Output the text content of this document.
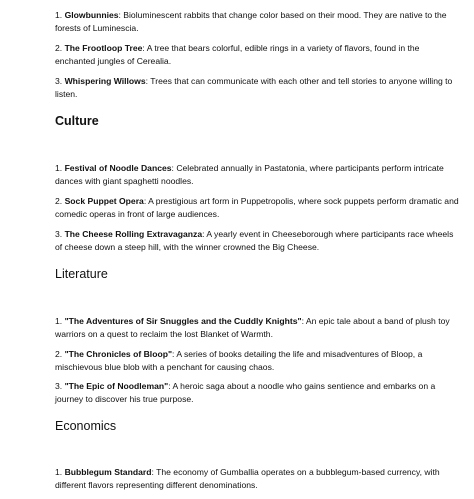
1. Glowbunnies: Bioluminescent rabbits that change color based on their mood. They are native to the forests of Luminescia.

2. The Frootloop Tree: A tree that bears colorful, edible rings in a variety of flavors, found in the enchanted jungles of Cerealia.

3. Whispering Willows: Trees that can communicate with each other and tell stories to anyone willing to listen.

Culture

1. Festival of Noodle Dances: Celebrated annually in Pastatonia, where participants perform intricate dances with giant spaghetti noodles.

2. Sock Puppet Opera: A prestigious art form in Puppetropolis, where sock puppets perform dramatic and comedic operas in front of large audiences.

3. The Cheese Rolling Extravaganza: A yearly event in Cheeseborough where participants race wheels of cheese down a steep hill, with the winner crowned the Big Cheese.

Literature

1. "The Adventures of Sir Snuggles and the Cuddly Knights": An epic tale about a band of plush toy warriors on a quest to reclaim the lost Blanket of Warmth.

2. "The Chronicles of Bloop": A series of books detailing the life and misadventures of Bloop, a mischievous blue blob with a penchant for causing chaos.

3. "The Epic of Noodleman": A heroic saga about a noodle who gains sentience and embarks on a journey to discover his true purpose.

Economics

1. Bubblegum Standard: The economy of Gumballia operates on a bubblegum-based currency, with different flavors representing different denominations.
